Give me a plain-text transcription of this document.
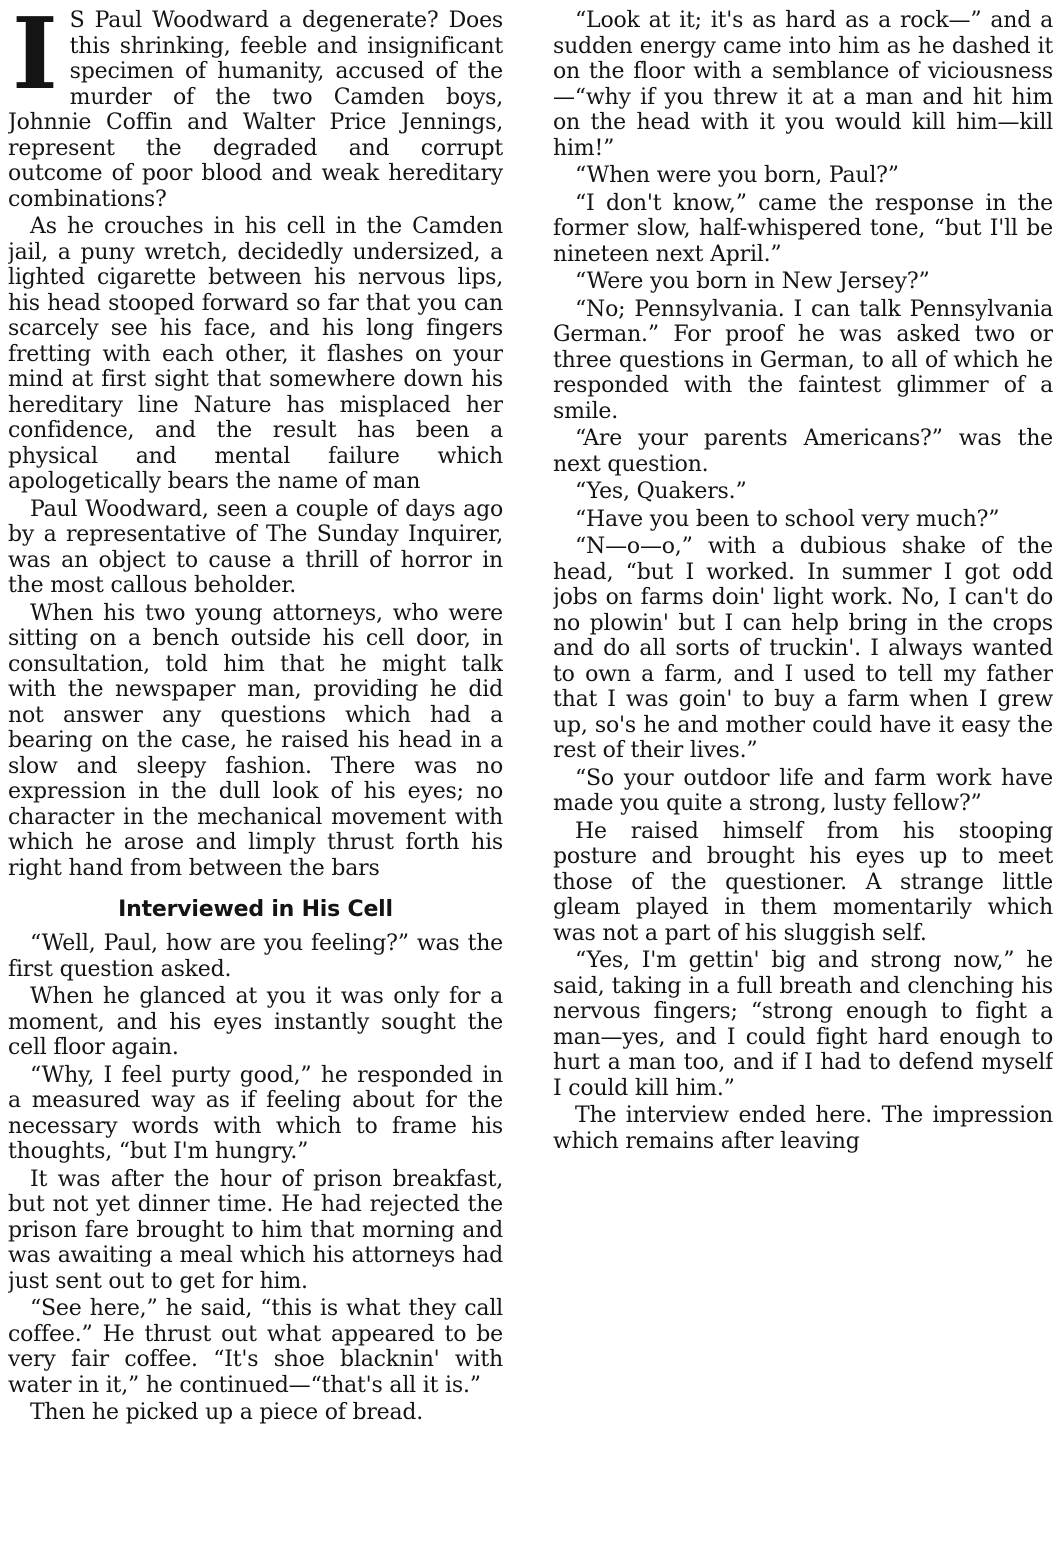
I S Paul Woodward a degenerate? Does this shrinking, feeble and insignificant specimen of humanity, accused of the murder of the two Camden boys, Johnnie Coffin and Walter Price Jennings, represent the degraded and corrupt outcome of poor blood and weak hereditary combinations?

As he crouches in his cell in the Camden jail, a puny wretch, decidedly undersized, a lighted cigarette between his nervous lips, his head stooped forward so far that you can scarcely see his face, and his long fingers fretting with each other, it flashes on your mind at first sight that somewhere down his hereditary line Nature has misplaced her confidence, and the result has been a physical and mental failure which apologetically bears the name of man

Paul Woodward, seen a couple of days ago by a representative of The Sunday Inquirer, was an object to cause a thrill of horror in the most callous beholder.

When his two young attorneys, who were sitting on a bench outside his cell door, in consultation, told him that he might talk with the newspaper man, providing he did not answer any questions which had a bearing on the case, he raised his head in a slow and sleepy fashion. There was no expression in the dull look of his eyes; no character in the mechanical movement with which he arose and limply thrust forth his right hand from between the bars

Interviewed in His Cell

“Well, Paul, how are you feeling?” was the first question asked.

When he glanced at you it was only for a moment, and his eyes instantly sought the cell floor again.

“Why, I feel purty good,” he responded in a measured way as if feeling about for the necessary words with which to frame his thoughts, “but I'm hungry.”

It was after the hour of prison breakfast, but not yet dinner time. He had rejected the prison fare brought to him that morning and was awaiting a meal which his attorneys had just sent out to get for him.

“See here,” he said, “this is what they call coffee.” He thrust out what appeared to be very fair coffee. “It's shoe blacknin' with water in it,” he continued—“that's all it is.”

Then he picked up a piece of bread.

“Look at it; it's as hard as a rock—” and a sudden energy came into him as he dashed it on the floor with a semblance of viciousness—“why if you threw it at a man and hit him on the head with it you would kill him—kill him!”

“When were you born, Paul?”

“I don't know,” came the response in the former slow, half-whispered tone, “but I'll be nineteen next April.”

“Were you born in New Jersey?”

“No; Pennsylvania. I can talk Pennsylvania German.” For proof he was asked two or three questions in German, to all of which he responded with the faintest glimmer of a smile.

“Are your parents Americans?” was the next question.

“Yes, Quakers.”

“Have you been to school very much?”

“N—o—o,” with a dubious shake of the head, “but I worked. In summer I got odd jobs on farms doin' light work. No, I can't do no plowin' but I can help bring in the crops and do all sorts of truckin'. I always wanted to own a farm, and I used to tell my father that I was goin' to buy a farm when I grew up, so's he and mother could have it easy the rest of their lives.”

“So your outdoor life and farm work have made you quite a strong, lusty fellow?”

He raised himself from his stooping posture and brought his eyes up to meet those of the questioner. A strange little gleam played in them momentarily which was not a part of his sluggish self.

“Yes, I'm gettin' big and strong now,” he said, taking in a full breath and clenching his nervous fingers; “strong enough to fight a man—yes, and I could fight hard enough to hurt a man too, and if I had to defend myself I could kill him.”

The interview ended here. The impression which remains after leaving
